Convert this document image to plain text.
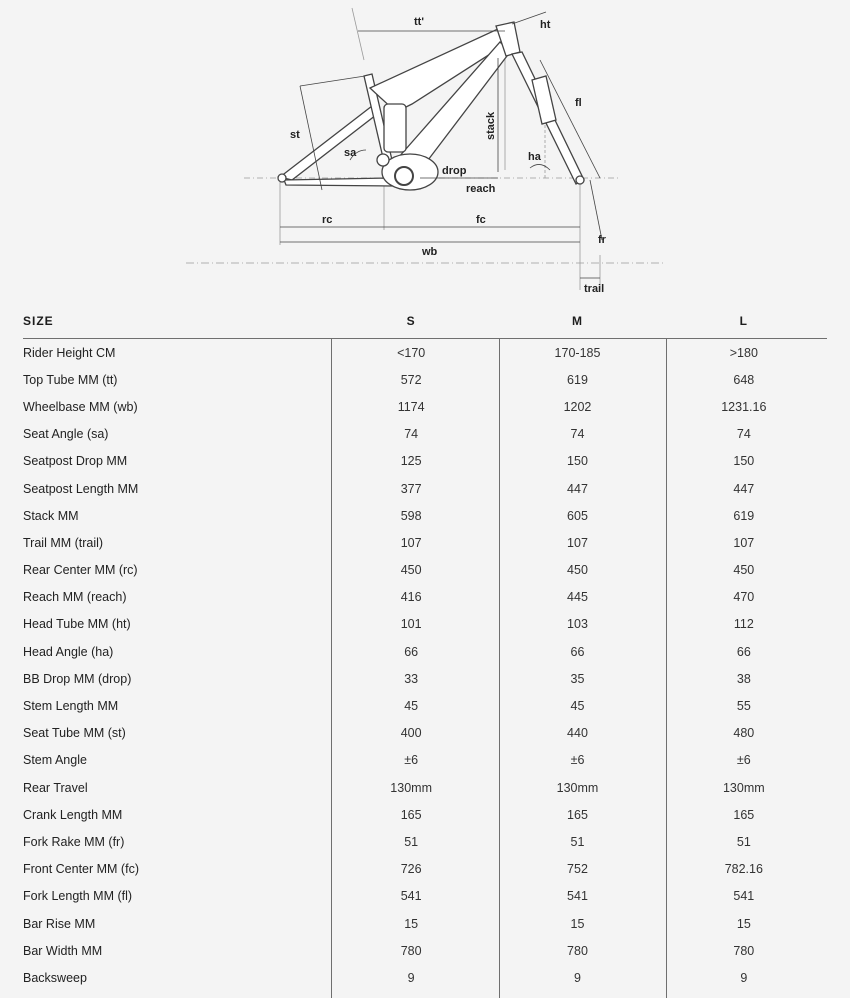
tt'	ht
fl
st	stack
sa	ha
drop
reach
rc	fc
fr
wb
trail
SIZE	S	M	L
Rider Height CM	<170	170-185	>180
Top Tube MM (tt)	572	619	648
Wheelbase MM (wb)	1174	1202	1231.16
Seat Angle (sa)	74	74	74
Seatpost Drop MM	125	150	150
Seatpost Length MM	377	447	447
Stack MM	598	605	619
Trail MM (trail)	107	107	107
Rear Center MM (rc)	450	450	450
Reach MM (reach)	416	445	470
Head Tube MM (ht)	101	103	112
Head Angle (ha)	66	66	66
BB Drop MM (drop)	33	35	38
Stem Length MM	45	45	55
Seat Tube MM (st)	400	440	480
Stem Angle	±6	±6	±6
Rear Travel	130mm	130mm	130mm
Crank Length MM	165	165	165
Fork Rake MM (fr)	51	51	51
Front Center MM (fc)	726	752	782.16
Fork Length MM (fl)	541	541	541
Bar Rise MM	15	15	15
Bar Width MM	780	780	780
Backsweep	9	9	9
